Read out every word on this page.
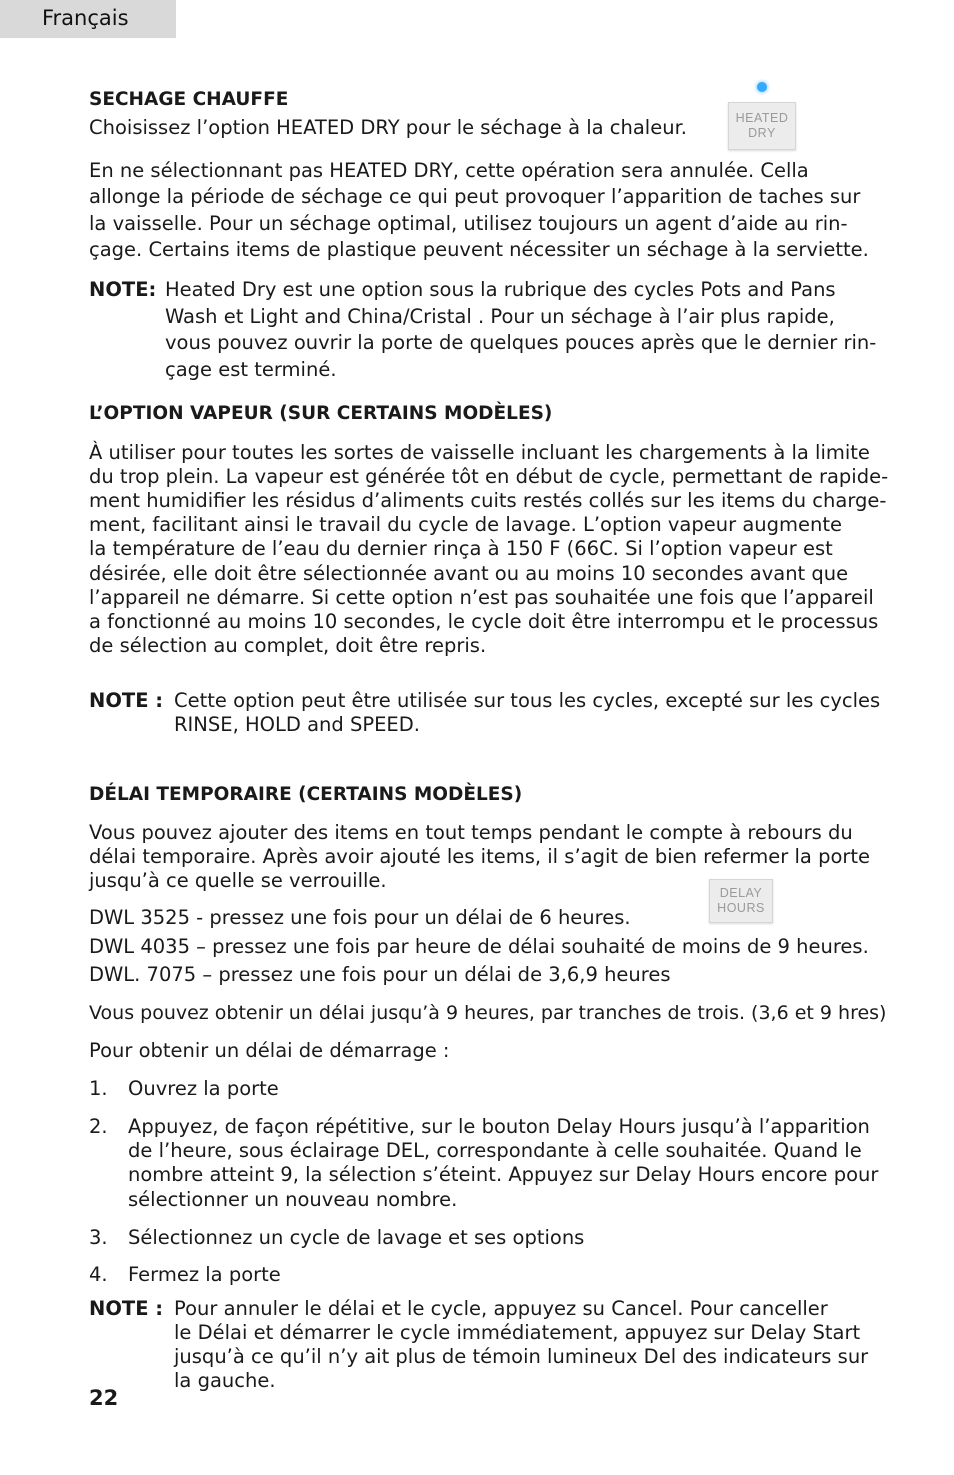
Français
SECHAGE CHAUFFE
Choisissez l’option HEATED DRY pour le séchage à la chaleur.	HEATED
DRY
En ne sélectionnant pas HEATED DRY, cette opération sera annulée. Cella
allonge la période de séchage ce qui peut provoquer l’apparition de taches sur
la vaisselle. Pour un séchage optimal, utilisez toujours un agent d’aide au rin-
çage. Certains items de plastique peuvent nécessiter un séchage à la serviette.
NOTE: Heated Dry est une option sous la rubrique des cycles Pots and Pans
Wash et Light and China/Cristal . Pour un séchage à l’air plus rapide,
vous pouvez ouvrir la porte de quelques pouces après que le dernier rin-
çage est terminé.
L’OPTION VAPEUR (SUR CERTAINS MODÈLES)
À utiliser pour toutes les sortes de vaisselle incluant les chargements à la limite
du trop plein. La vapeur est générée tôt en début de cycle, permettant de rapide-
ment humidifier les résidus d’aliments cuits restés collés sur les items du charge-
ment, facilitant ainsi le travail du cycle de lavage. L’option vapeur augmente
la température de l’eau du dernier rinça à 150 F (66C. Si l’option vapeur est
désirée, elle doit être sélectionnée avant ou au moins 10 secondes avant que
l’appareil ne démarre. Si cette option n’est pas souhaitée une fois que l’appareil
a fonctionné au moins 10 secondes, le cycle doit être interrompu et le processus
de sélection au complet, doit être repris.
NOTE : Cette option peut être utilisée sur tous les cycles, excepté sur les cycles
RINSE, HOLD and SPEED.
DÉLAI TEMPORAIRE (CERTAINS MODÈLES)
Vous pouvez ajouter des items en tout temps pendant le compte à rebours du
délai temporaire. Après avoir ajouté les items, il s’agit de bien refermer la porte
jusqu’à ce quelle se verrouille.
DELAY
HOURS
DWL 3525 - pressez une fois pour un délai de 6 heures.
DWL 4035 – pressez une fois par heure de délai souhaité de moins de 9 heures.
DWL. 7075 – pressez une fois pour un délai de 3,6,9 heures
Vous pouvez obtenir un délai jusqu’à 9 heures, par tranches de trois. (3,6 et 9 hres)
Pour obtenir un délai de démarrage :
1. Ouvrez la porte
2. Appuyez, de façon répétitive, sur le bouton Delay Hours jusqu’à l’apparition
de l’heure, sous éclairage DEL, correspondante à celle souhaitée. Quand le
nombre atteint 9, la sélection s’éteint. Appuyez sur Delay Hours encore pour
sélectionner un nouveau nombre.
3. Sélectionnez un cycle de lavage et ses options
4. Fermez la porte
NOTE : Pour annuler le délai et le cycle, appuyez su Cancel. Pour canceller
le Délai et démarrer le cycle immédiatement, appuyez sur Delay Start
jusqu’à ce qu’il n’y ait plus de témoin lumineux Del des indicateurs sur
la gauche.
22
